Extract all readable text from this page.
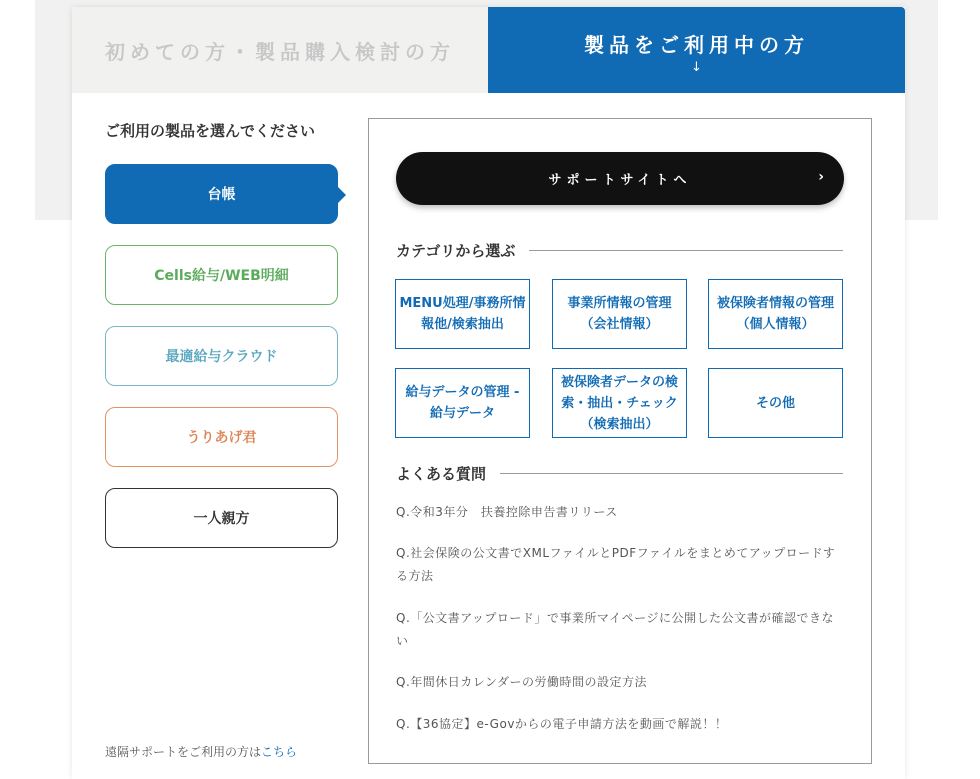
初めての方・製品購入検討の方	製品をご利用中の方
↓
ご利用の製品を選んでください
台帳
Cells給与/WEB明細
最適給与クラウド
うりあげ君
一人親方
遠隔サポートをご利用の方はこちら
サポートサイトへ	›
カテゴリから選ぶ
MENU処理/事務所情報他/検索抽出
事業所情報の管理（会社情報）
被保険者情報の管理（個人情報）
給与データの管理 - 給与データ
被保険者データの検索・抽出・チェック（検索抽出）
その他
よくある質問
Q.令和3年分　扶養控除申告書リリース
Q.社会保険の公文書でXMLファイルとPDFファイルをまとめてアップロードする方法
Q.「公文書アップロード」で事業所マイページに公開した公文書が確認できない
Q.年間休日カレンダーの労働時間の設定方法
Q.【36協定】e-Govからの電子申請方法を動画で解説！！
